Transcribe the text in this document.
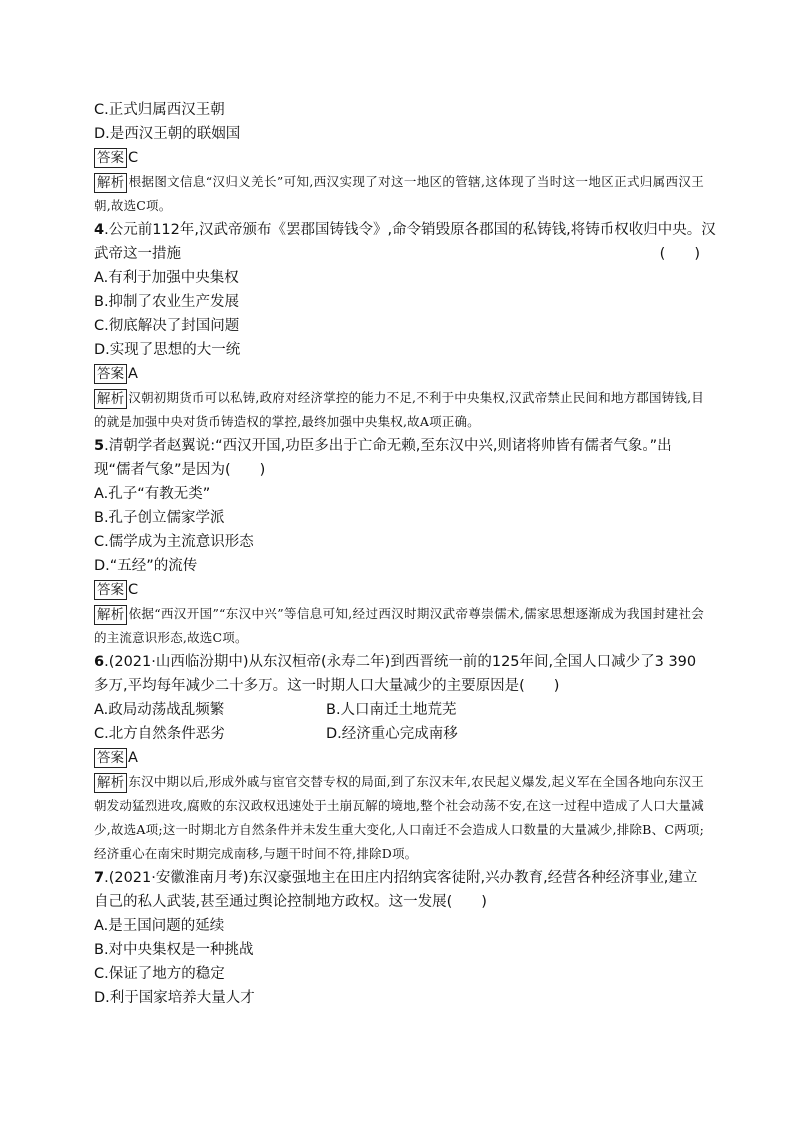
C.正式归属西汉王朝
D.是西汉王朝的联姻国
答案 C
解析 根据图文信息“汉归义羌长”可知,西汉实现了对这一地区的管辖,这体现了当时这一地区正式归属西汉王朝,故选C项。
4.公元前112年,汉武帝颁布《罢郡国铸钱令》,命令销毁原各郡国的私铸钱,将铸币权收归中央。汉
武帝这一措施	(　　)
A.有利于加强中央集权
B.抑制了农业生产发展
C.彻底解决了封国问题
D.实现了思想的大一统
答案 A
解析 汉朝初期货币可以私铸,政府对经济掌控的能力不足,不利于中央集权,汉武帝禁止民间和地方郡国铸钱,目的就是加强中央对货币铸造权的掌控,最终加强中央集权,故A项正确。
5.清朝学者赵翼说:“西汉开国,功臣多出于亡命无赖,至东汉中兴,则诸将帅皆有儒者气象。”出现“儒者气象”是因为(　　)
A.孔子“有教无类”
B.孔子创立儒家学派
C.儒学成为主流意识形态
D.“五经”的流传
答案 C
解析 依据“西汉开国”“东汉中兴”等信息可知,经过西汉时期汉武帝尊崇儒术,儒家思想逐渐成为我国封建社会的主流意识形态,故选C项。
6.(2021·山西临汾期中)从东汉桓帝(永寿二年)到西晋统一前的125年间,全国人口减少了3 390多万,平均每年减少二十多万。这一时期人口大量减少的主要原因是(　　)
A.政局动荡战乱频繁	B.人口南迁土地荒芜
C.北方自然条件恶劣	D.经济重心完成南移
答案 A
解析 东汉中期以后,形成外戚与宦官交替专权的局面,到了东汉末年,农民起义爆发,起义军在全国各地向东汉王朝发动猛烈进攻,腐败的东汉政权迅速处于土崩瓦解的境地,整个社会动荡不安,在这一过程中造成了人口大量减少,故选A项;这一时期北方自然条件并未发生重大变化,人口南迁不会造成人口数量的大量减少,排除B、C两项;经济重心在南宋时期完成南移,与题干时间不符,排除D项。
7.(2021·安徽淮南月考)东汉豪强地主在田庄内招纳宾客徒附,兴办教育,经营各种经济事业,建立自己的私人武装,甚至通过舆论控制地方政权。这一发展(　　)
A.是王国问题的延续
B.对中央集权是一种挑战
C.保证了地方的稳定
D.利于国家培养大量人才
